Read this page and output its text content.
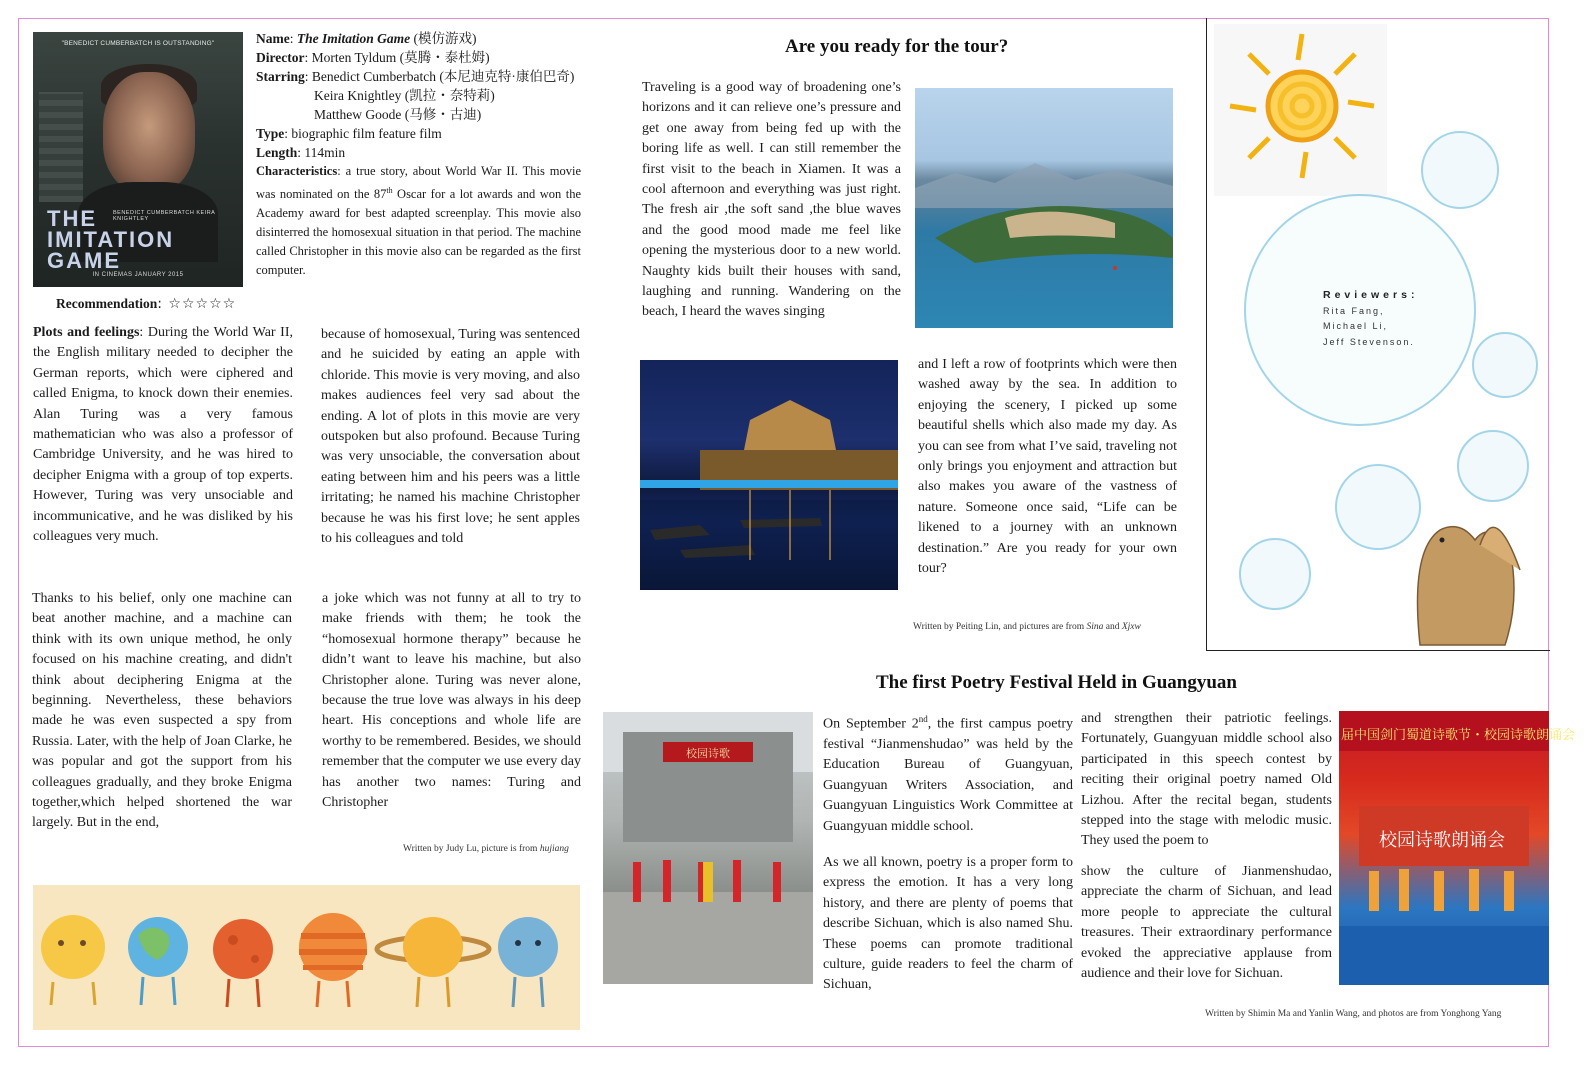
"BENEDICT CUMBERBATCH IS OUTSTANDING"
THE
IMITATION
GAME
BENEDICT CUMBERBATCH KEIRA KNIGHTLEY
IN CINEMAS JANUARY 2015
Name: The Imitation Game (模仿游戏)
Director: Morten Tyldum (莫腾・泰杜姆)
Starring: Benedict Cumberbatch (本尼迪克特·康伯巴奇)
Keira Knightley (凯拉・奈特莉)
Matthew Goode (马修・古迪)
Type: biographic film feature film
Length: 114min
Characteristics: a true story, about World War II. This movie was nominated on the 87th Oscar for a lot awards and won the Academy award for best adapted screenplay. This movie also disinterred the homosexual situation in that period. The machine called Christopher in this movie also can be regarded as the first computer.
Recommendation: ☆☆☆☆☆
Plots and feelings: During the World War II, the English military needed to decipher the German reports, which were ciphered and called Enigma, to knock down their enemies. Alan Turing was a very famous mathematician who was also a professor of Cambridge University, and he was hired to decipher Enigma with a group of top experts. However, Turing was very unsociable and incommunicative, and he was disliked by his colleagues very much.
Thanks to his belief, only one machine can beat another machine, and a machine can think with its own unique method, he only focused on his machine creating, and didn't think about deciphering Enigma at the beginning. Nevertheless, these behaviors made he was even suspected a spy from Russia. Later, with the help of Joan Clarke, he was popular and got the support from his colleagues gradually, and they broke Enigma together,which helped shortened the war largely. But in the end,
because of homosexual, Turing was sentenced and he suicided by eating an apple with chloride. This movie is very moving, and also makes audiences feel very sad about the ending. A lot of plots in this movie are very outspoken but also profound. Because Turing was very unsociable, the conversation about eating between him and his peers was a little irritating; he named his machine Christopher because he was his first love; he sent apples to his colleagues and told
a joke which was not funny at all to try to make friends with them; he took the “homosexual hormone therapy” because he didn’t want to leave his machine, but also Christopher alone. Turing was never alone, because the true love was always in his deep heart. His conceptions and whole life are worthy to be remembered. Besides, we should remember that the computer we use every day has another two names: Turing and Christopher
Written by Judy Lu, picture is from hujiang
Are you ready for the tour?
Traveling is a good way of broadening one’s horizons and it can relieve one’s pressure and get one away from being fed up with the boring life as well. I can still remember the first visit to the beach in Xiamen. It was a cool afternoon and everything was just right. The fresh air ,the soft sand ,the blue waves and the good mood made me feel like opening the mysterious door to a new world. Naughty kids built their houses with sand, laughing and running. Wandering on the beach, I heard the waves singing
and I left a row of footprints which were then washed away by the sea. In addition to enjoying the scenery, I picked up some beautiful shells which also made my day. As you can see from what I’ve said, traveling not only brings you enjoyment and attraction but also makes you aware of the vastness of nature. Someone once said, “Life can be likened to a journey with an unknown destination.” Are you ready for your own tour?
Written by Peiting Lin, and pictures are from Sina and Xjxw
Reviewers:
Rita Fang,
Michael Li,
Jeff Stevenson.
The first Poetry Festival Held in Guangyuan
校园诗歌
On September 2nd, the first campus poetry festival “Jianmenshudao” was held by the Education Bureau of Guangyuan, Guangyuan Writers Association, and Guangyuan Linguistics Work Committee at Guangyuan middle school.
As we all known, poetry is a proper form to express the emotion. It has a very long history, and there are plenty of poems that describe Sichuan, which is also named Shu. These poems can promote traditional culture, guide readers to feel the charm of Sichuan,
and strengthen their patriotic feelings. Fortunately, Guangyuan middle school also participated in this speech contest by reciting their original poetry named Old Lizhou. After the recital began, students stepped into the stage with melodic music. They used the poem to
show the culture of Jianmenshudao, appreciate the charm of Sichuan, and lead more people to appreciate the cultural treasures. Their extraordinary performance evoked the appreciative applause from audience and their love for Sichuan.
届中国剑门蜀道诗歌节・校园诗歌朗诵会
校园诗歌朗诵会
Written by Shimin Ma and Yanlin Wang, and photos are from Yonghong Yang
